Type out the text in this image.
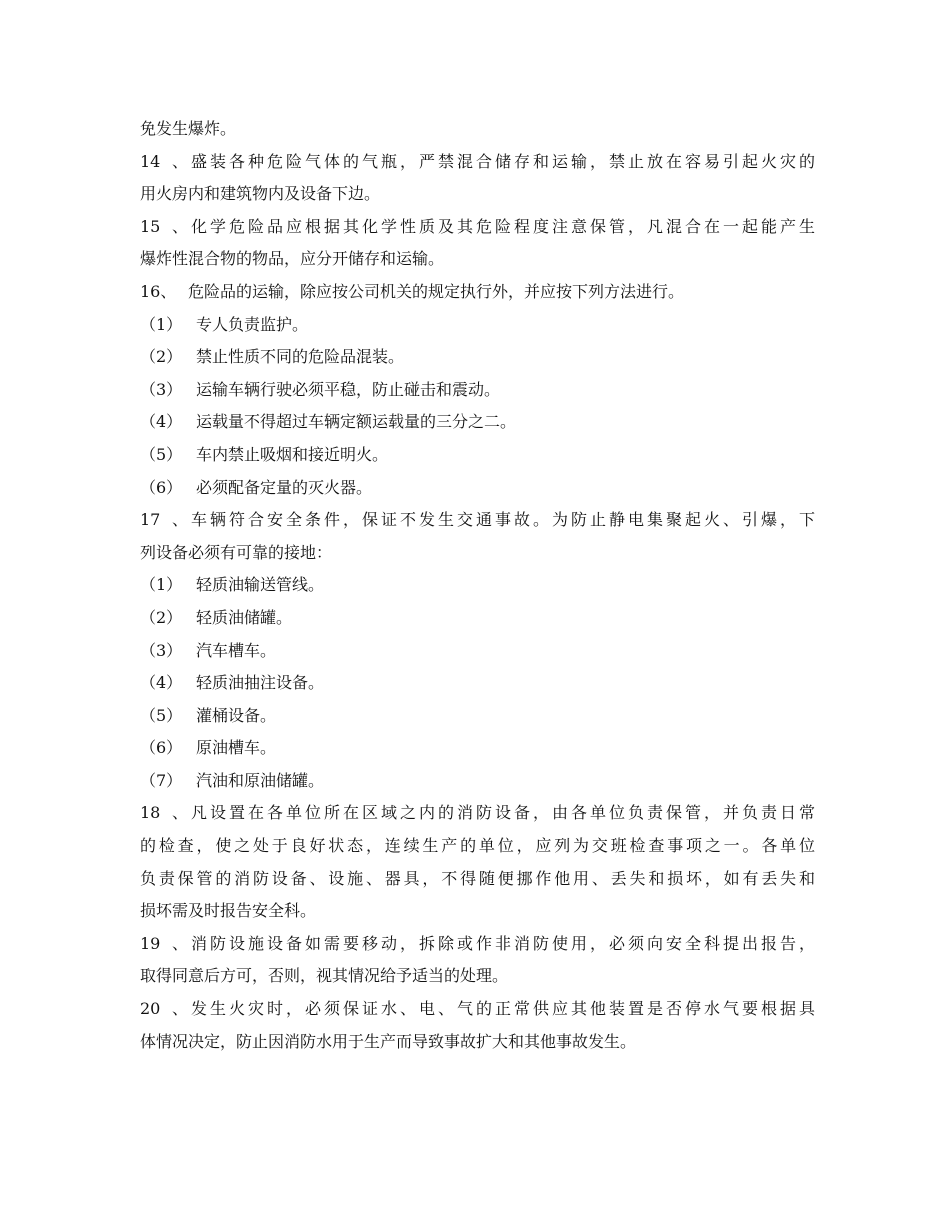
免发生爆炸。
14、盛装各种危险气体的气瓶，严禁混合储存和运输，禁止放在容易引起火灾的
用火房内和建筑物内及设备下边。
15、化学危险品应根据其化学性质及其危险程度注意保管，凡混合在一起能产生
爆炸性混合物的物品，应分开储存和运输。
16、 危险品的运输，除应按公司机关的规定执行外，并应按下列方法进行。
（1） 专人负责监护。
（2） 禁止性质不同的危险品混装。
（3） 运输车辆行驶必须平稳，防止碰击和震动。
（4） 运载量不得超过车辆定额运载量的三分之二。
（5） 车内禁止吸烟和接近明火。
（6） 必须配备定量的灭火器。
17、车辆符合安全条件，保证不发生交通事故。为防止静电集聚起火、引爆，下
列设备必须有可靠的接地：
（1） 轻质油输送管线。
（2） 轻质油储罐。
（3） 汽车槽车。
（4） 轻质油抽注设备。
（5） 灌桶设备。
（6） 原油槽车。
（7） 汽油和原油储罐。
18、凡设置在各单位所在区域之内的消防设备，由各单位负责保管，并负责日常
的检查，使之处于良好状态，连续生产的单位，应列为交班检查事项之一。各单位
负责保管的消防设备、设施、器具，不得随便挪作他用、丢失和损坏，如有丢失和
损坏需及时报告安全科。
19、消防设施设备如需要移动，拆除或作非消防使用，必须向安全科提出报告，
取得同意后方可，否则，视其情况给予适当的处理。
20、发生火灾时，必须保证水、电、气的正常供应其他装置是否停水气要根据具
体情况决定，防止因消防水用于生产而导致事故扩大和其他事故发生。
